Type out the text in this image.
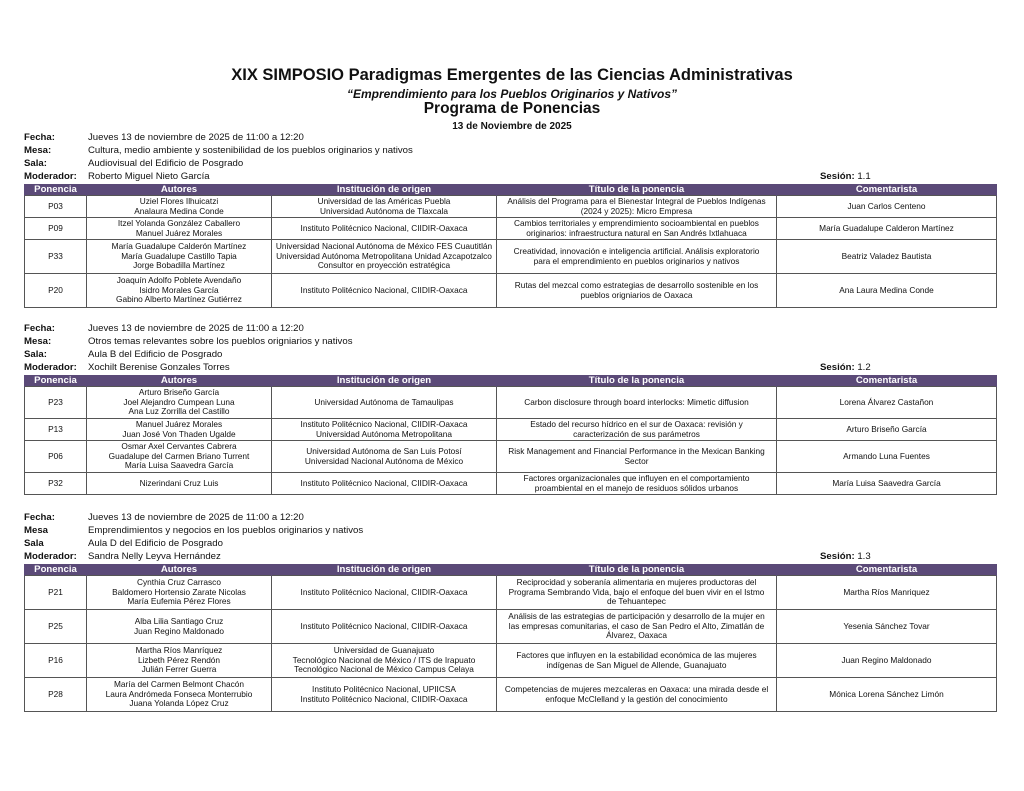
XIX SIMPOSIO Paradigmas Emergentes de las Ciencias Administrativas
“Emprendimiento para los Pueblos Originarios y Nativos”
Programa de Ponencias
13 de Noviembre de 2025
Fecha:	Jueves 13 de noviembre de 2025 de 11:00 a 12:20
Mesa:	Cultura, medio ambiente y sostenibilidad de los pueblos originarios y nativos
Sala:	Audiovisual del Edificio de Posgrado
Moderador: Roberto Miguel Nieto García	Sesión: 1.1
Ponencia	Autores	Institución de origen	Título de la ponencia	Comentarista
P03	Uziel Flores Ilhuicatzi
Analaura Medina Conde	Universidad de las Américas Puebla
Universidad Autónoma de Tlaxcala	Análisis del Programa para el Bienestar Integral de Pueblos Indígenas
(2024 y 2025): Micro Empresa	Juan Carlos Centeno
P09	Itzel Yolanda González Caballero
Manuel Juárez Morales	Instituto Politécnico Nacional, CIIDIR-Oaxaca	Cambios territoriales y emprendimiento socioambiental en pueblos
originarios: infraestructura natural en San Andrés Ixtlahuaca	María Guadalupe Calderon Martínez
P33	María Guadalupe Calderón Martínez
María Guadalupe Castillo Tapia
Jorge Bobadilla Martínez	Universidad Nacional Autónoma de México FES Cuautitlán
Universidad Autónoma Metropolitana Unidad Azcapotzalco
Consultor en proyección estratégica	Creatividad, innovación e inteligencia artificial. Análisis exploratorio
para el emprendimiento en pueblos originarios y nativos	Beatriz Valadez Bautista
P20	Joaquín Adolfo Poblete Avendaño
Isidro Morales García
Gabino Alberto Martínez Gutiérrez	Instituto Politécnico Nacional, CIIDIR-Oaxaca	Rutas del mezcal como estrategias de desarrollo sostenible en los
pueblos origniarios de Oaxaca	Ana Laura Medina Conde
Fecha:	Jueves 13 de noviembre de 2025 de 11:00 a 12:20
Mesa:	Otros temas relevantes sobre los pueblos origniarios y nativos
Sala:	Aula B del Edificio de Posgrado
Moderador: Xochilt Berenise Gonzales Torres	Sesión: 1.2
Ponencia	Autores	Institución de origen	Título de la ponencia	Comentarista
P23	Arturo Briseño García
Joel Alejandro Cumpean Luna
Ana Luz Zorrilla del Castillo	Universidad Autónoma de Tamaulipas	Carbon disclosure through board interlocks: Mimetic diffusion	Lorena Álvarez Castañon
P13	Manuel Juárez Morales
Juan José Von Thaden Ugalde	Instituto Politécnico Nacional, CIIDIR-Oaxaca
Universidad Autónoma Metropolitana	Estado del recurso hídrico en el sur de Oaxaca: revisión y
caracterización de sus parámetros	Arturo Briseño García
P06	Osmar Axel Cervantes Cabrera
Guadalupe del Carmen Briano Turrent
María Luisa Saavedra García	Universidad Autónoma de San Luis Potosí
Universidad Nacional Autónoma de México	Risk Management and Financial Performance in the Mexican Banking
Sector	Armando Luna Fuentes
P32	Nizerindani Cruz Luis	Instituto Politécnico Nacional, CIIDIR-Oaxaca	Factores organizacionales que influyen en el comportamiento
proambiental en el manejo de residuos sólidos urbanos	María Luisa Saavedra García
Fecha:	Jueves 13 de noviembre de 2025 de 11:00 a 12:20
Mesa	Emprendimientos y negocios en los pueblos originarios y nativos
Sala	Aula D del Edificio de Posgrado
Moderador: Sandra Nelly Leyva Hernández	Sesión: 1.3
Ponencia	Autores	Institución de origen	Título de la ponencia	Comentarista
P21	Cynthia Cruz Carrasco
Baldomero Hortensio Zarate Nicolas
María Eufemia Pérez Flores	Instituto Politécnico Nacional, CIIDIR-Oaxaca	Reciprocidad y soberanía alimentaria en mujeres productoras del
Programa Sembrando Vida, bajo el enfoque del buen vivir en el Istmo
de Tehuantepec	Martha Ríos Manriquez
P25	Alba Lilia Santiago Cruz
Juan Regino Maldonado	Instituto Politécnico Nacional, CIIDIR-Oaxaca	Análisis de las estrategias de participación y desarrollo de la mujer en
las empresas comunitarias, el caso de San Pedro el Alto, Zimatlán de
Álvarez, Oaxaca	Yesenia Sánchez Tovar
P16	Martha Ríos Manríquez
Lizbeth Pérez Rendón
Julián Ferrer Guerra	Universidad de Guanajuato
Tecnológico Nacional de México / ITS de Irapuato
Tecnológico Nacional de México Campus Celaya	Factores que influyen en la estabilidad económica de las mujeres
indígenas de San Miguel de Allende, Guanajuato	Juan Regino Maldonado
P28	María del Carmen Belmont Chacón
Laura Andrómeda Fonseca Monterrubio
Juana Yolanda López Cruz	Instituto Politécnico Nacional, UPIICSA
Instituto Politécnico Nacional, CIIDIR-Oaxaca	Competencias de mujeres mezcaleras en Oaxaca: una mirada desde el
enfoque McClelland y la gestión del conocimiento	Mónica Lorena Sánchez Limón
